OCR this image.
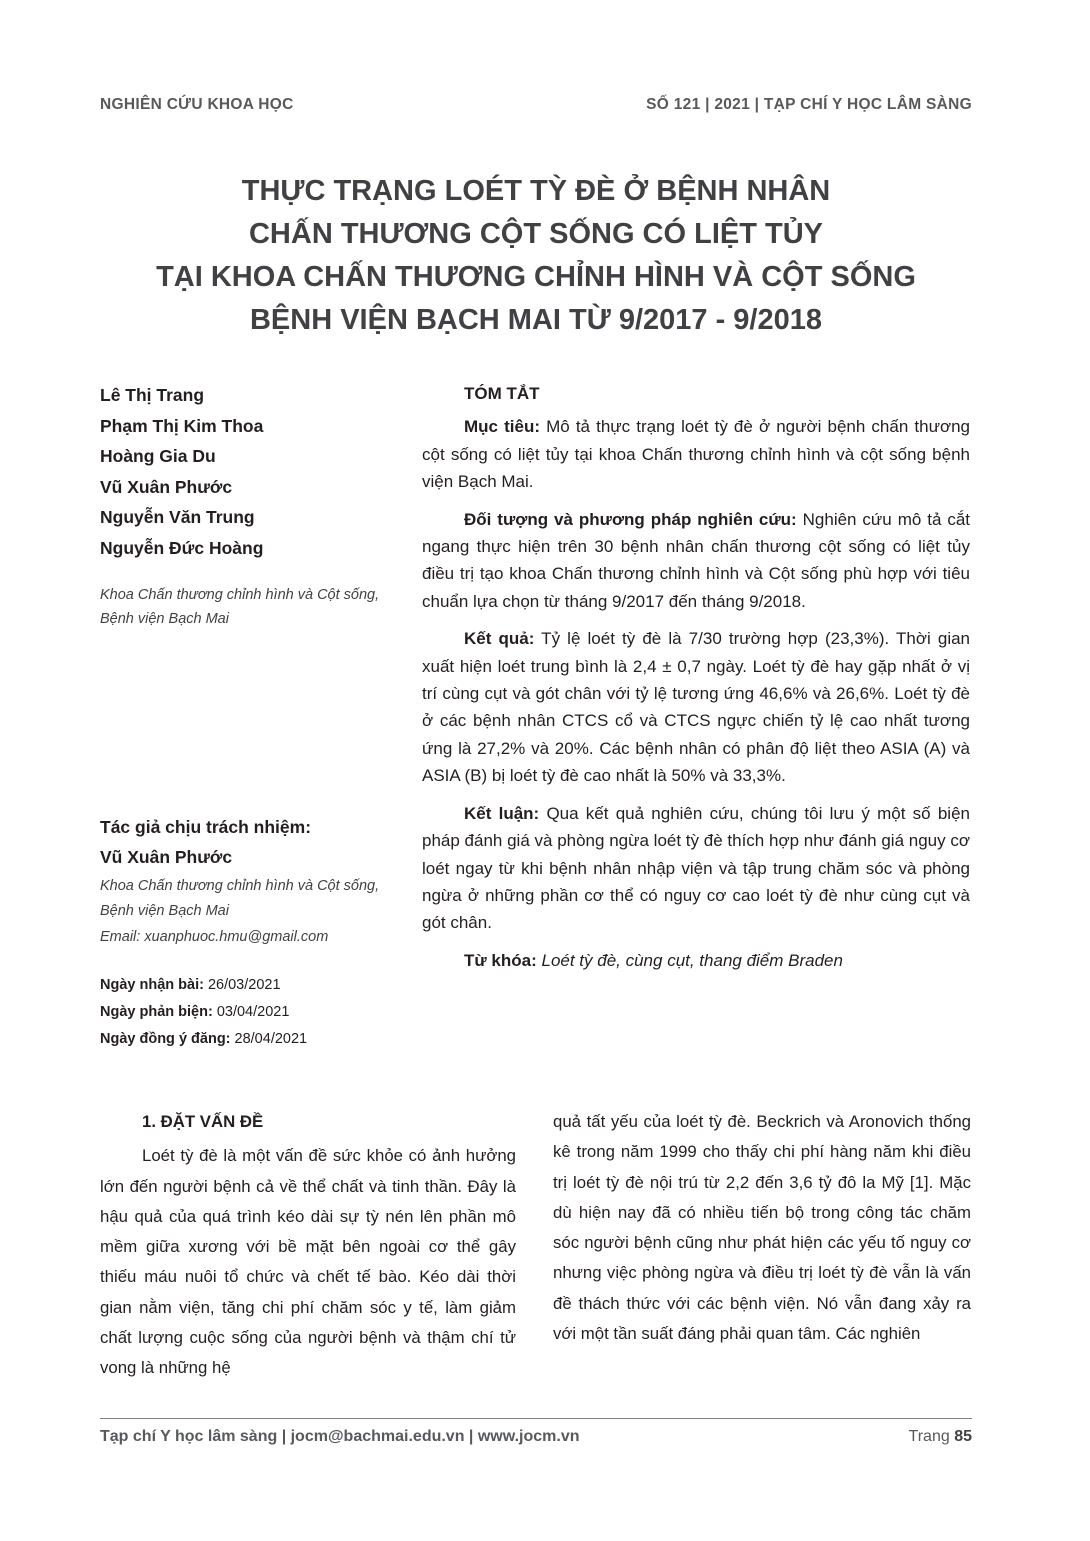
NGHIÊN CỨU KHOA HỌC	SỐ 121 | 2021 | TẠP CHÍ Y HỌC LÂM SÀNG
THỰC TRẠNG LOÉT TỲ ĐÈ Ở BỆNH NHÂN
CHẤN THƯƠNG CỘT SỐNG CÓ LIỆT TỦY
TẠI KHOA CHẤN THƯƠNG CHỈNH HÌNH VÀ CỘT SỐNG
BỆNH VIỆN BẠCH MAI TỪ 9/2017 - 9/2018
Lê Thị Trang
Phạm Thị Kim Thoa
Hoàng Gia Du
Vũ Xuân Phước
Nguyễn Văn Trung
Nguyễn Đức Hoàng
Khoa Chấn thương chỉnh hình và Cột sống, Bệnh viện Bạch Mai
Tác giả chịu trách nhiệm:
Vũ Xuân Phước
Khoa Chấn thương chỉnh hình và Cột sống, Bệnh viện Bạch Mai
Email: xuanphuoc.hmu@gmail.com
Ngày nhận bài: 26/03/2021
Ngày phản biện: 03/04/2021
Ngày đồng ý đăng: 28/04/2021
TÓM TẮT

Mục tiêu: Mô tả thực trạng loét tỳ đè ở người bệnh chấn thương cột sống có liệt tủy tại khoa Chấn thương chỉnh hình và cột sống bệnh viện Bạch Mai.

Đối tượng và phương pháp nghiên cứu: Nghiên cứu mô tả cắt ngang thực hiện trên 30 bệnh nhân chấn thương cột sống có liệt tủy điều trị tạo khoa Chấn thương chỉnh hình và Cột sống phù hợp với tiêu chuẩn lựa chọn từ tháng 9/2017 đến tháng 9/2018.

Kết quả: Tỷ lệ loét tỳ đè là 7/30 trường hợp (23,3%). Thời gian xuất hiện loét trung bình là 2,4 ± 0,7 ngày. Loét tỳ đè hay gặp nhất ở vị trí cùng cụt và gót chân với tỷ lệ tương ứng 46,6% và 26,6%. Loét tỳ đè ở các bệnh nhân CTCS cổ và CTCS ngực chiến tỷ lệ cao nhất tương ứng là 27,2% và 20%. Các bệnh nhân có phân độ liệt theo ASIA (A) và ASIA (B) bị loét tỳ đè cao nhất là 50% và 33,3%.

Kết luận: Qua kết quả nghiên cứu, chúng tôi lưu ý một số biện pháp đánh giá và phòng ngừa loét tỳ đè thích hợp như đánh giá nguy cơ loét ngay từ khi bệnh nhân nhập viện và tập trung chăm sóc và phòng ngừa ở những phần cơ thể có nguy cơ cao loét tỳ đè như cùng cụt và gót chân.

Từ khóa: Loét tỳ đè, cùng cụt, thang điểm Braden

1. ĐẶT VẤN ĐỀ

Loét tỳ đè là một vấn đề sức khỏe có ảnh hưởng lớn đến người bệnh cả về thể chất và tinh thần. Đây là hậu quả của quá trình kéo dài sự tỳ nén lên phần mô mềm giữa xương với bề mặt bên ngoài cơ thể gây thiếu máu nuôi tổ chức và chết tế bào. Kéo dài thời gian nằm viện, tăng chi phí chăm sóc y tế, làm giảm chất lượng cuộc sống của người bệnh và thậm chí tử vong là những hệ

quả tất yếu của loét tỳ đè. Beckrich và Aronovich thống kê trong năm 1999 cho thấy chi phí hàng năm khi điều trị loét tỳ đè nội trú từ 2,2 đến 3,6 tỷ đô la Mỹ [1]. Mặc dù hiện nay đã có nhiều tiến bộ trong công tác chăm sóc người bệnh cũng như phát hiện các yếu tố nguy cơ nhưng việc phòng ngừa và điều trị loét tỳ đè vẫn là vấn đề thách thức với các bệnh viện. Nó vẫn đang xảy ra với một tần suất đáng phải quan tâm. Các nghiên

Tạp chí Y học lâm sàng | jocm@bachmai.edu.vn | www.jocm.vn	Trang 85
